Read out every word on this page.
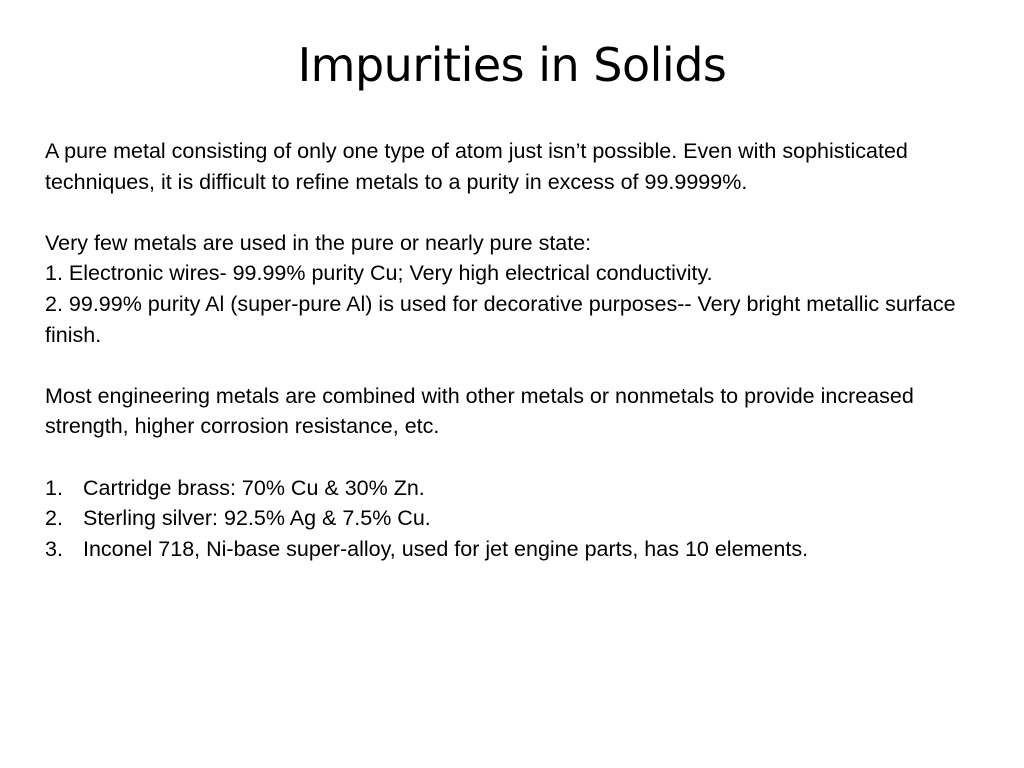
Impurities in Solids

A pure metal consisting of only one type of atom just isn’t possible. Even with sophisticated techniques, it is difficult to refine metals to a purity in excess of 99.9999%.

Very few metals are used in the pure or nearly pure state:

1. Electronic wires- 99.99% purity Cu; Very high electrical conductivity.

2. 99.99% purity Al (super-pure Al) is used for decorative purposes-- Very bright metallic surface finish.

Most engineering metals are combined with other metals or nonmetals to provide increased strength, higher corrosion resistance, etc.

1. Cartridge brass: 70% Cu & 30% Zn.
2. Sterling silver: 92.5% Ag & 7.5% Cu.
3. Inconel 718, Ni-base super-alloy, used for jet engine parts, has 10 elements.
